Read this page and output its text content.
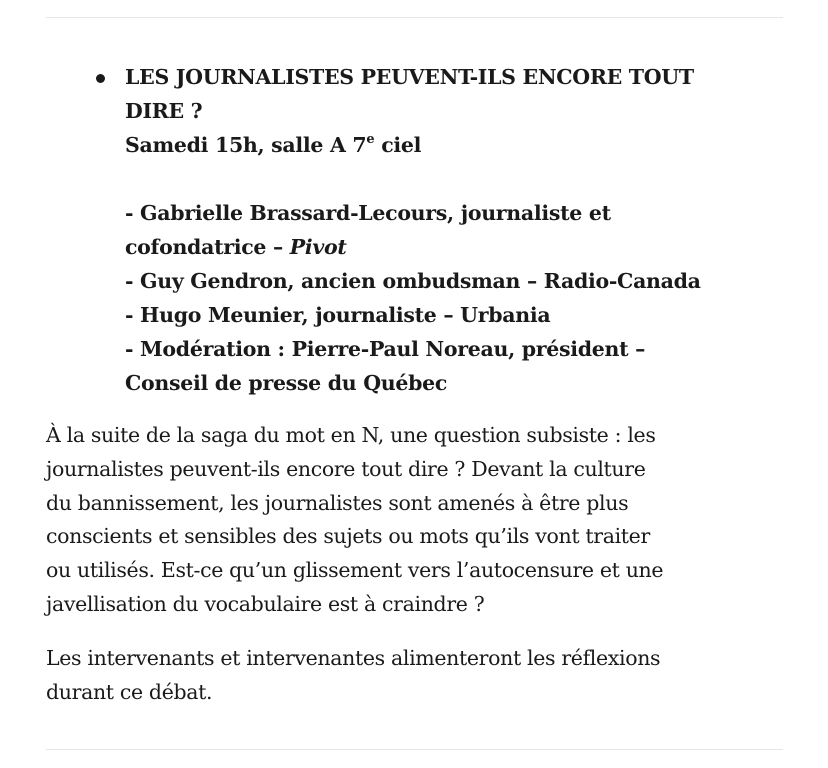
LES JOURNALISTES PEUVENT-ILS ENCORE TOUT
DIRE ?
Samedi 15h, salle A 7e ciel
- Gabrielle Brassard-Lecours, journaliste et
cofondatrice – Pivot
- Guy Gendron, ancien ombudsman – Radio-Canada
- Hugo Meunier, journaliste – Urbania
- Modération : Pierre-Paul Noreau, président –
Conseil de presse du Québec

À la suite de la saga du mot en N, une question subsiste : les
journalistes peuvent-ils encore tout dire ? Devant la culture
du bannissement, les journalistes sont amenés à être plus
conscients et sensibles des sujets ou mots qu’ils vont traiter
ou utilisés. Est-ce qu’un glissement vers l’autocensure et une
javellisation du vocabulaire est à craindre ?

Les intervenants et intervenantes alimenteront les réflexions
durant ce débat.
